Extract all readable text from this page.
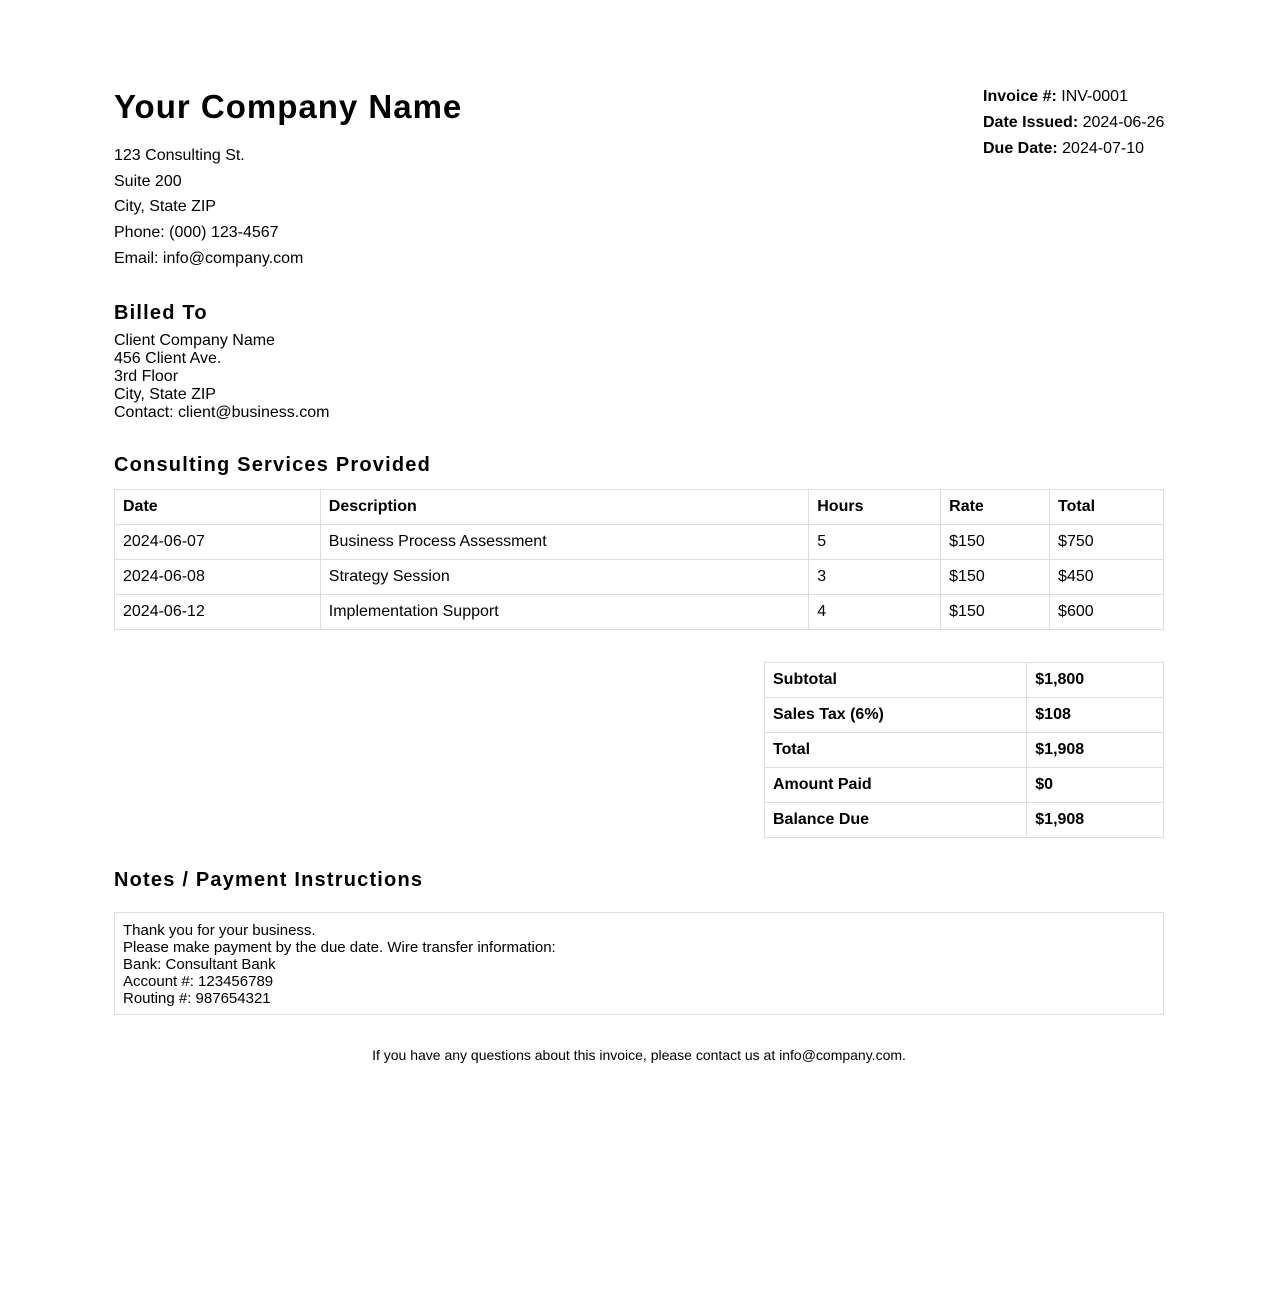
Your Company Name
123 Consulting St.
Suite 200
City, State ZIP
Phone: (000) 123-4567
Email: info@company.com
Invoice #: INV-0001
Date Issued: 2024-06-26
Due Date: 2024-07-10
Billed To
Client Company Name
456 Client Ave.
3rd Floor
City, State ZIP
Contact: client@business.com
Consulting Services Provided
Date	Description	Hours	Rate	Total
2024-06-07	Business Process Assessment	5	$150	$750
2024-06-08	Strategy Session	3	$150	$450
2024-06-12	Implementation Support	4	$150	$600
Subtotal	$1,800
Sales Tax (6%)	$108
Total	$1,908
Amount Paid	$0
Balance Due	$1,908
Notes / Payment Instructions
Thank you for your business.
Please make payment by the due date. Wire transfer information:
Bank: Consultant Bank
Account #: 123456789
Routing #: 987654321
If you have any questions about this invoice, please contact us at info@company.com.
